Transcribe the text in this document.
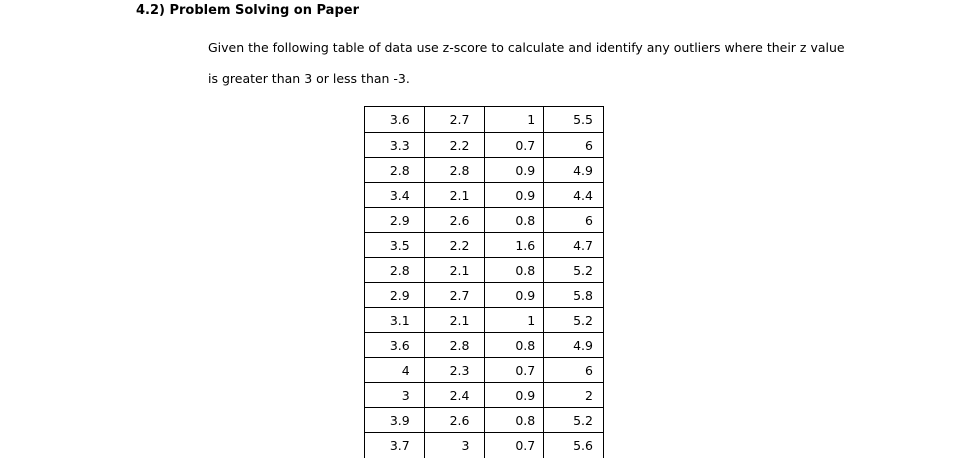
4.2) Problem Solving on Paper
Given the following table of data use z-score to calculate and identify any outliers where their z value
is greater than 3 or less than -3.
3.6	2.7	1	5.5
3.3	2.2	0.7	6
2.8	2.8	0.9	4.9
3.4	2.1	0.9	4.4
2.9	2.6	0.8	6
3.5	2.2	1.6	4.7
2.8	2.1	0.8	5.2
2.9	2.7	0.9	5.8
3.1	2.1	1	5.2
3.6	2.8	0.8	4.9
4	2.3	0.7	6
3	2.4	0.9	2
3.9	2.6	0.8	5.2
3.7	3	0.7	5.6
